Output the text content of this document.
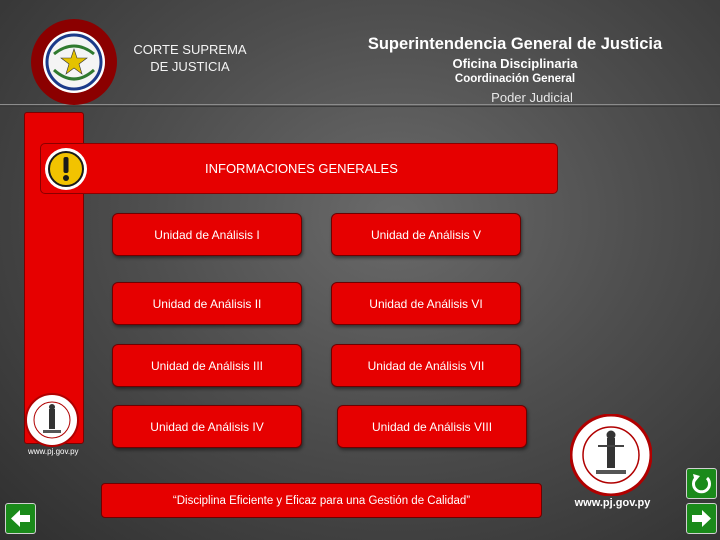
CORTE SUPREMA
DE JUSTICIA
Superintendencia General de Justicia
Oficina Disciplinaria
Coordinación General
Poder Judicial
www.pj.gov.py
INFORMACIONES GENERALES
Unidad de Análisis I	Unidad de Análisis V
Unidad de Análisis II	Unidad de Análisis VI
Unidad de Análisis III	Unidad de Análisis VII
Unidad de Análisis IV	Unidad de Análisis VIII
“Disciplina Eficiente y Eficaz para una Gestión de Calidad”	www.pj.gov.py
